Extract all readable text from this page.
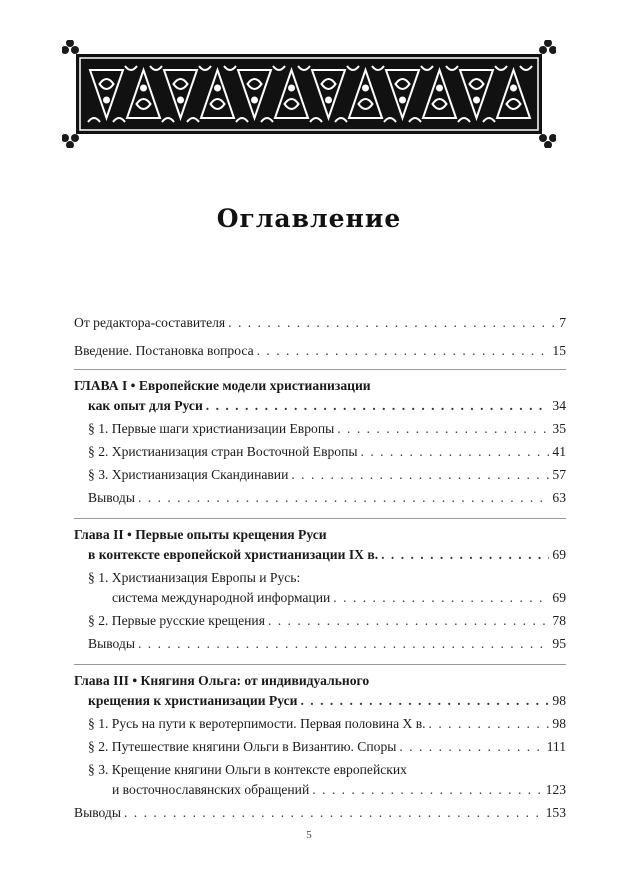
Оглавление
От редактора-составителя . . .	7
Введение. Постановка вопроса . . .	15
ГЛАВА I • Европейские модели христианизации
как опыт для Руси . . .	34
§ 1. Первые шаги христианизации Европы . . .	35
§ 2. Христианизация стран Восточной Европы . . .	41
§ 3. Христианизация Скандинавии . . .	57
Выводы . . .	63
Глава II • Первые опыты крещения Руси
в контексте европейской христианизации IX в. . . .	69
§ 1. Христианизация Европы и Русь:
система международной информации . . .	69
§ 2. Первые русские крещения . . .	78
Выводы . . .	95
Глава III • Княгиня Ольга: от индивидуального
крещения к христианизации Руси . . .	98
§ 1. Русь на пути к веротерпимости. Первая половина X в. . . .	98
§ 2. Путешествие княгини Ольги в Византию. Споры . . .	111
§ 3. Крещение княгини Ольги в контексте европейских
и восточнославянских обращений . . .	123
Выводы . . .	153
5
